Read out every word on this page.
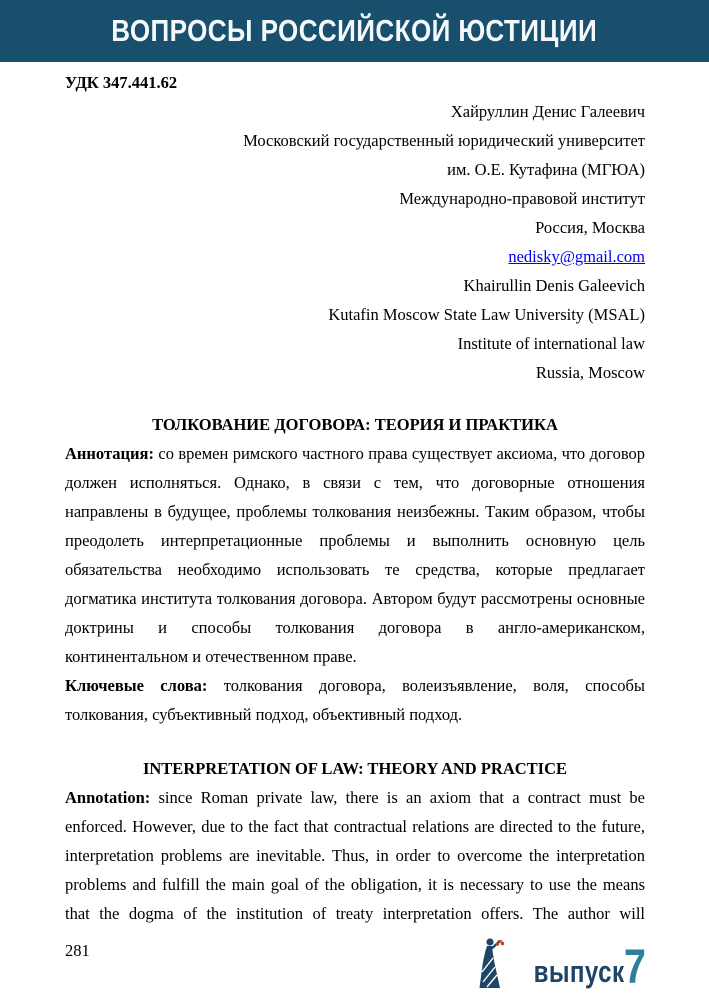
ВОПРОСЫ РОССИЙСКОЙ ЮСТИЦИИ

УДК 347.441.62

Хайруллин Денис Галеевич
Московский государственный юридический университет
им. О.Е. Кутафина (МГЮА)
Международно-правовой институт
Россия, Москва
nedisky@gmail.com
Khairullin Denis Galeevich
Kutafin Moscow State Law University (MSAL)
Institute of international law
Russia, Moscow

ТОЛКОВАНИЕ ДОГОВОРА: ТЕОРИЯ И ПРАКТИКА

Аннотация: со времен римского частного права существует аксиома, что договор должен исполняться. Однако, в связи с тем, что договорные отношения направлены в будущее, проблемы толкования неизбежны. Таким образом, чтобы преодолеть интерпретационные проблемы и выполнить основную цель обязательства необходимо использовать те средства, которые предлагает догматика института толкования договора. Автором будут рассмотрены основные доктрины и способы толкования договора в англо-американском, континентальном и отечественном праве.

Ключевые слова: толкования договора, волеизъявление, воля, способы толкования, субъективный подход, объективный подход.

INTERPRETATION OF LAW: THEORY AND PRACTICE

Annotation: since Roman private law, there is an axiom that a contract must be enforced. However, due to the fact that contractual relations are directed to the future, interpretation problems are inevitable. Thus, in order to overcome the interpretation problems and fulfill the main goal of the obligation, it is necessary to use the means that the dogma of the institution of treaty interpretation offers. The author will

281
выпуск 7
